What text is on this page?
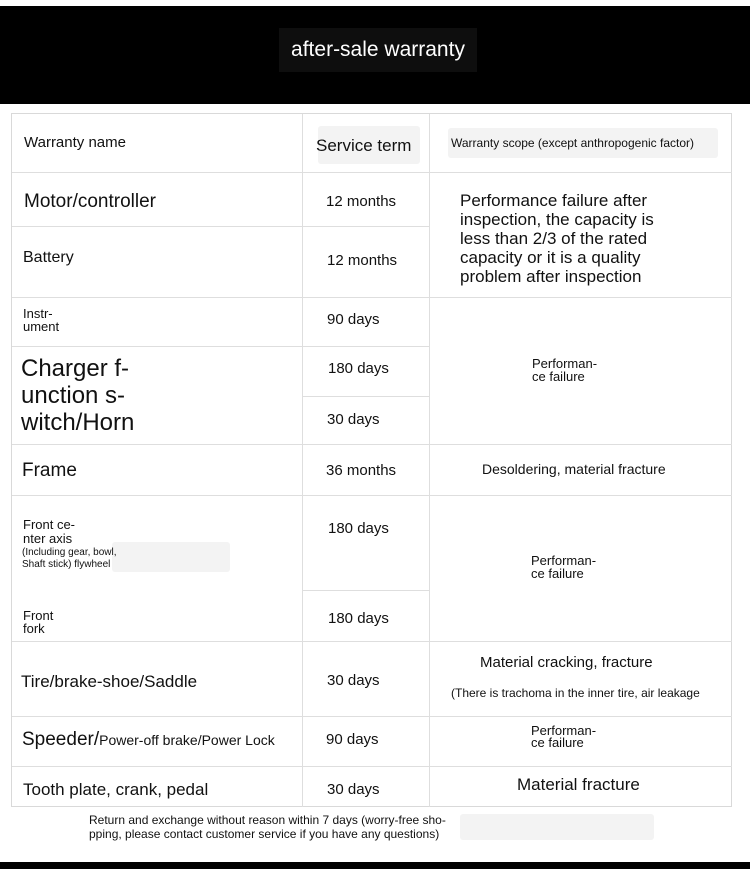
after-sale warranty
Warranty name	Service term	Warranty scope (except anthropogenic factor)
Motor/controller
Battery
Instr-
ument
Charger f-
unction s-
witch/Horn
Frame
Front ce-
nter axis
(Including gear, bowl,
Shaft stick) flywheel
Front
fork
Tire/brake-shoe/Saddle
Speeder/Power-off brake/Power Lock
Tooth plate, crank, pedal
12 months
12 months
90 days
180 days
30 days
36 months
180 days
180 days
30 days
90 days
30 days
Performance failure after
inspection, the capacity is
less than 2/3 of the rated
capacity or it is a quality
problem after inspection
Performan-
ce failure
Desoldering, material fracture
Performan-
ce failure
Material cracking, fracture
(There is trachoma in the inner tire, air leakage
Performan-
ce failure
Material fracture
Return and exchange without reason within 7 days (worry-free sho-
pping, please contact customer service if you have any questions)
